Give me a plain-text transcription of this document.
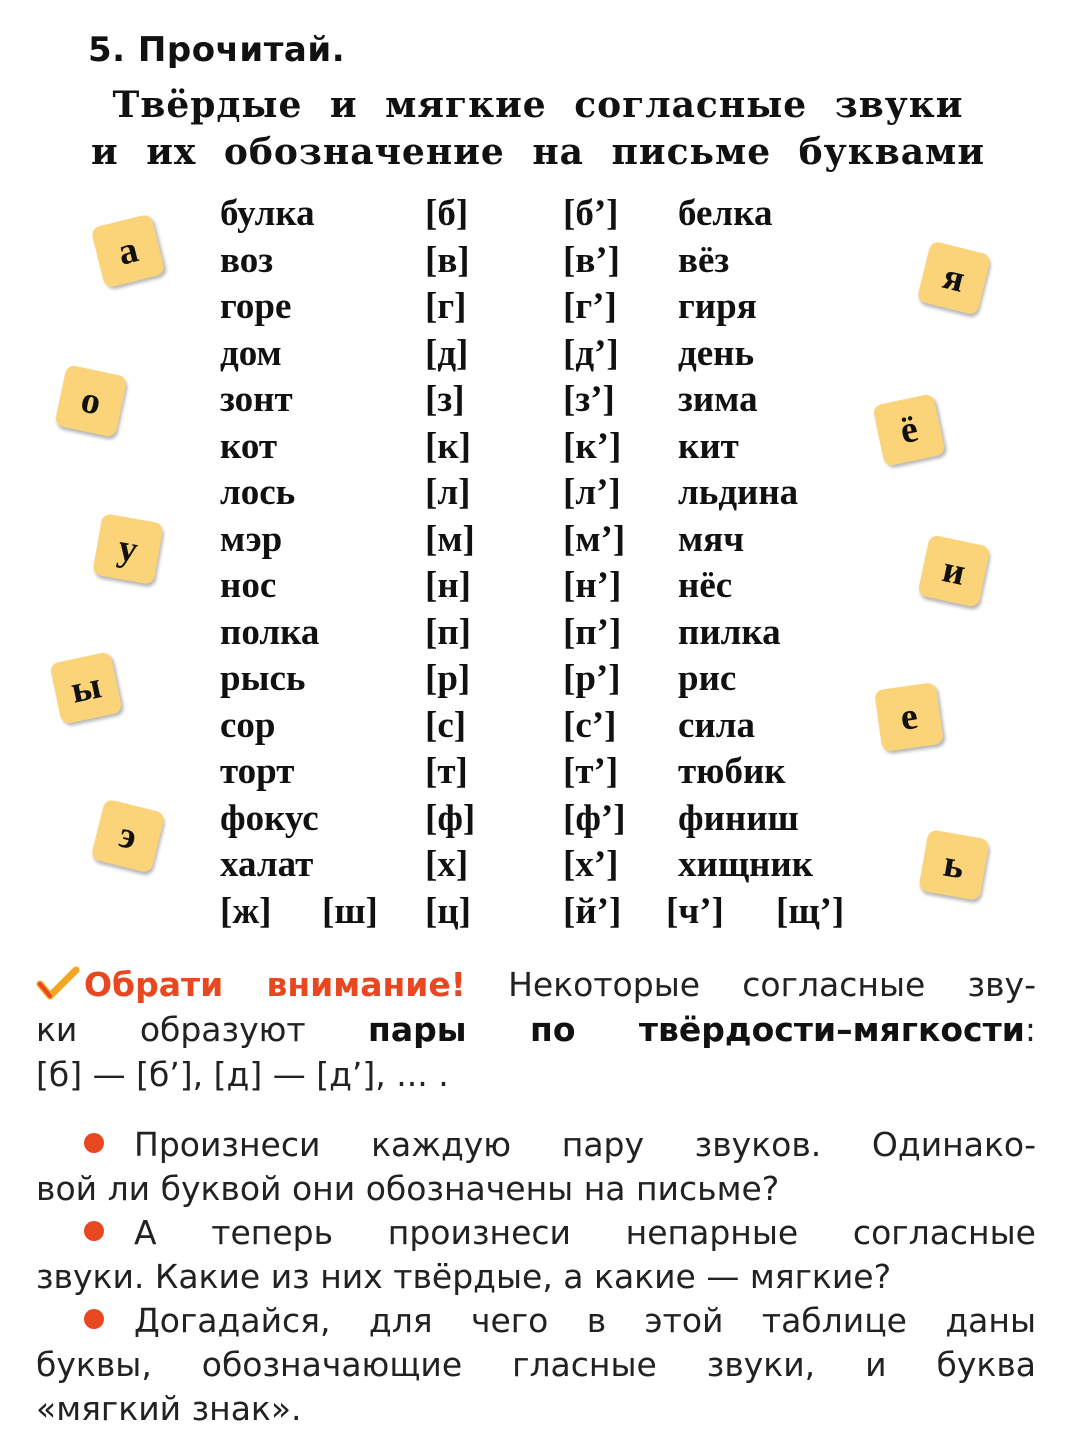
5. Прочитай.
Твёрдые и мягкие согласные звуки
и их обозначение на письме буквами
булка	[б]	[б’] белка
воз	[в]	[в’] вёз
горе	[г]	[г’] гиря
дом	[д]	[д’] день
зонт	[з]	[з’] зима
кот	[к] [к’] кит
лось	[л]	[л’] льдина
мэр	[м] [м’] мяч
нос	[н] [н’] нёс
полка	[п] [п’] пилка
рысь	[р]	[р’] рис
сор	[с]	[с’] сила
торт	[т]	[т’] тюбик
фокус	[ф] [ф’] финиш
халат	[х]	[х’] хищник
[ж] [ш] [ц] [й’] [ч’] [щ’]
а
о
у
ы
э
я
ё
и
е
ь

Обрати внимание! Некоторые согласные зву-

ки образуют пары по твёрдости–мягкости:

[б] — [б’], [д] — [д’], ... .

Произнеси каждую пару звуков. Одинако-

вой ли буквой они обозначены на письме?

А теперь произнеси непарные согласные

звуки. Какие из них твёрдые, а какие — мягкие?

Догадайся, для чего в этой таблице даны

буквы, обозначающие гласные звуки, и буква

«мягкий знак».
